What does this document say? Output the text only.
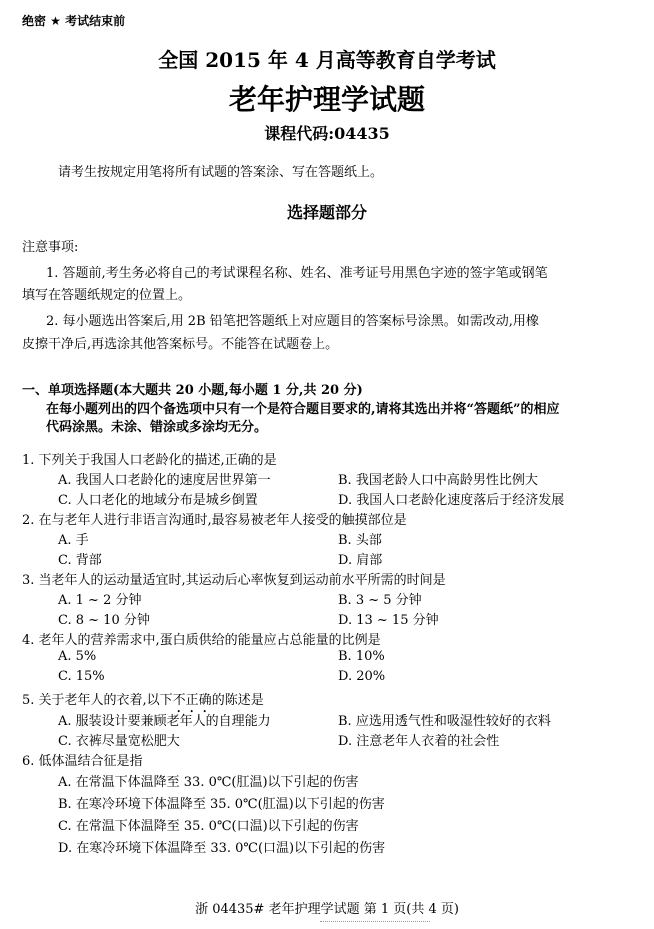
绝密 ★ 考试结束前
全国 2015 年 4 月高等教育自学考试
老年护理学试题
课程代码:04435
请考生按规定用笔将所有试题的答案涂、写在答题纸上。
选择题部分
注意事项:
1. 答题前,考生务必将自己的考试课程名称、姓名、准考证号用黑色字迹的签字笔或钢笔
填写在答题纸规定的位置上。
2. 每小题选出答案后,用 2B 铅笔把答题纸上对应题目的答案标号涂黑。如需改动,用橡
皮擦干净后,再选涂其他答案标号。不能答在试题卷上。
一、单项选择题(本大题共 20 小题,每小题 1 分,共 20 分)
在每小题列出的四个备选项中只有一个是符合题目要求的,请将其选出并将“答题纸”的相应
代码涂黑。未涂、错涂或多涂均无分。
1. 下列关于我国人口老龄化的描述,正确的是
A. 我国人口老龄化的速度居世界第一	B. 我国老龄人口中高龄男性比例大
C. 人口老化的地域分布是城乡倒置	D. 我国人口老龄化速度落后于经济发展
2. 在与老年人进行非语言沟通时,最容易被老年人接受的触摸部位是
A. 手	B. 头部
C. 背部	D. 肩部
3. 当老年人的运动量适宜时,其运动后心率恢复到运动前水平所需的时间是
A. 1 ~ 2 分钟	B. 3 ~ 5 分钟
C. 8 ~ 10 分钟	D. 13 ~ 15 分钟
4. 老年人的营养需求中,蛋白质供给的能量应占总能量的比例是
A. 5%	B. 10%
C. 15%	D. 20%
5. 关于老年人的衣着,以下不正确的陈述是
A. 服装设计要兼顾老年人的自理能力	B. 应选用透气性和吸湿性较好的衣料
C. 衣裤尽量宽松肥大	D. 注意老年人衣着的社会性
6. 低体温结合征是指
A. 在常温下体温降至 33. 0℃(肛温)以下引起的伤害
B. 在寒冷环境下体温降至 35. 0℃(肛温)以下引起的伤害
C. 在常温下体温降至 35. 0℃(口温)以下引起的伤害
D. 在寒冷环境下体温降至 33. 0℃(口温)以下引起的伤害
浙 04435# 老年护理学试题 第 1 页(共 4 页)
